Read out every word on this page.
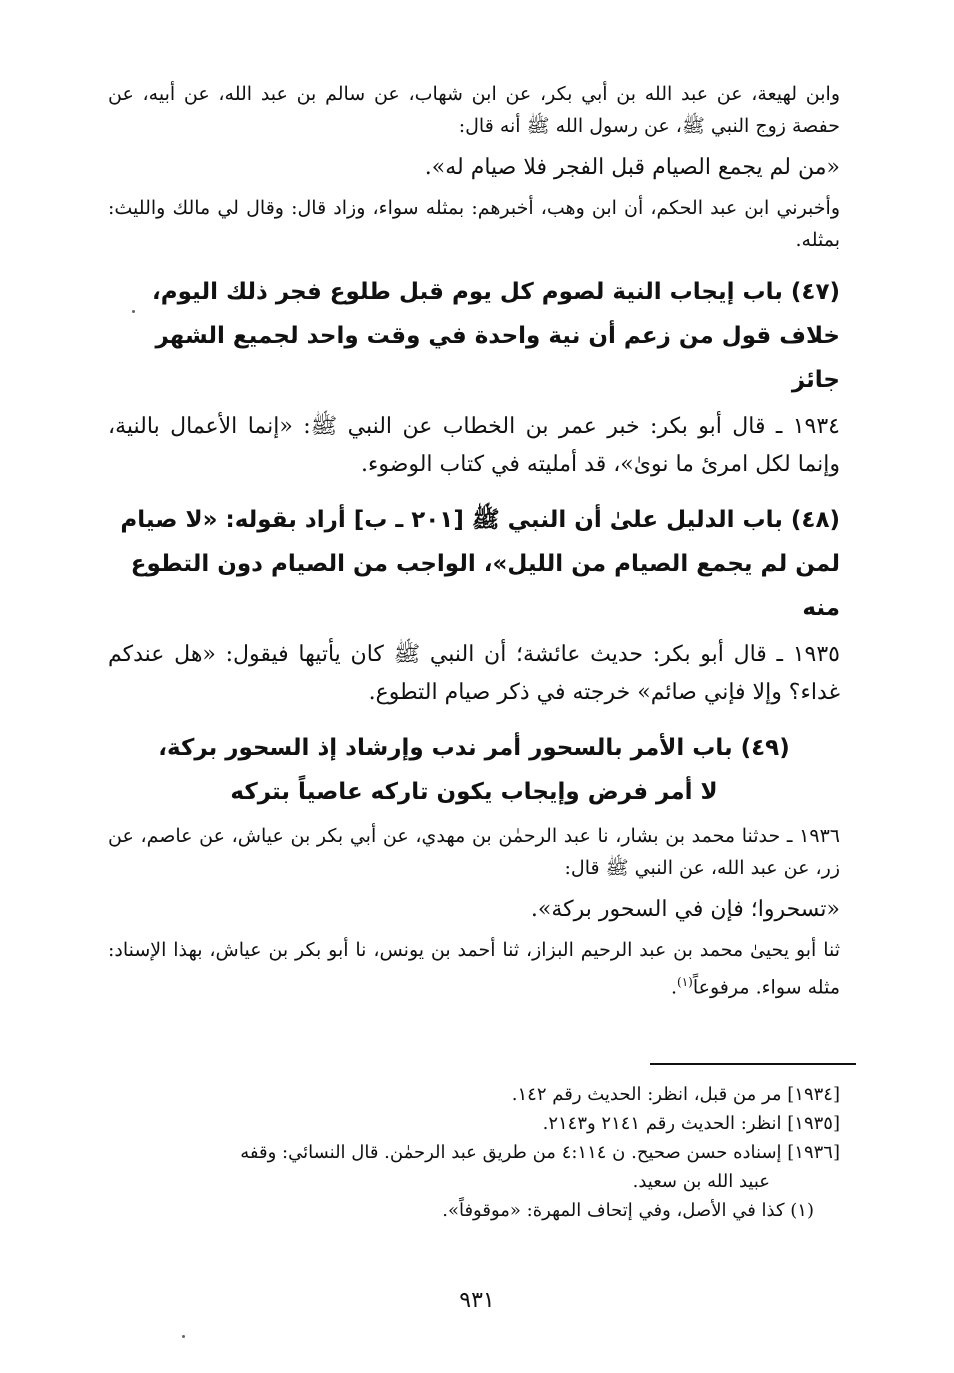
وابن لهيعة، عن عبد الله بن أبي بكر، عن ابن شهاب، عن سالم بن عبد الله، عن أبيه، عن حفصة زوج النبي ﷺ، عن رسول الله ﷺ أنه قال:

«من لم يجمع الصيام قبل الفجر فلا صيام له».

وأخبرني ابن عبد الحكم، أن ابن وهب، أخبرهم: بمثله سواء، وزاد قال: وقال لي مالك والليث: بمثله.

(٤٧) باب إيجاب النية لصوم كل يوم قبل طلوع فجر ذلك اليوم،
خلاف قول من زعم أن نية واحدة في وقت واحد لجميع الشهر جائز

١٩٣٤ ـ قال أبو بكر: خبر عمر بن الخطاب عن النبي ﷺ: «إنما الأعمال بالنية، وإنما لكل امرئ ما نوىٰ»، قد أمليته في كتاب الوضوء.

(٤٨) باب الدليل علىٰ أن النبي ﷺ [٢٠١ ـ ب] أراد بقوله: «لا صيام
لمن لم يجمع الصيام من الليل»، الواجب من الصيام دون التطوع منه

١٩٣٥ ـ قال أبو بكر: حديث عائشة؛ أن النبي ﷺ كان يأتيها فيقول: «هل عندكم غداء؟ وإلا فإني صائم» خرجته في ذكر صيام التطوع.

(٤٩) باب الأمر بالسحور أمر ندب وإرشاد إذ السحور بركة،
لا أمر فرض وإيجاب يكون تاركه عاصياً بتركه

١٩٣٦ ـ حدثنا محمد بن بشار، نا عبد الرحمٰن بن مهدي، عن أبي بكر بن عياش، عن عاصم، عن زر، عن عبد الله، عن النبي ﷺ قال:

«تسحروا؛ فإن في السحور بركة».

ثنا أبو يحيىٰ محمد بن عبد الرحيم البزاز، ثنا أحمد بن يونس، نا أبو بكر بن عياش، بهذا الإسناد: مثله سواء. مرفوعاً$^{(١)}$.

[١٩٣٤] مر من قبل، انظر: الحديث رقم ١٤٢.

[١٩٣٥] انظر: الحديث رقم ٢١٤١ و٢١٤٣.

[١٩٣٦] إسناده حسن صحيح. ن ٤:١١٤ من طريق عبد الرحمٰن. قال النسائي: وقفه

عبيد الله بن سعيد.

(١) كذا في الأصل، وفي إتحاف المهرة: «موقوفاً».

٩٣١
